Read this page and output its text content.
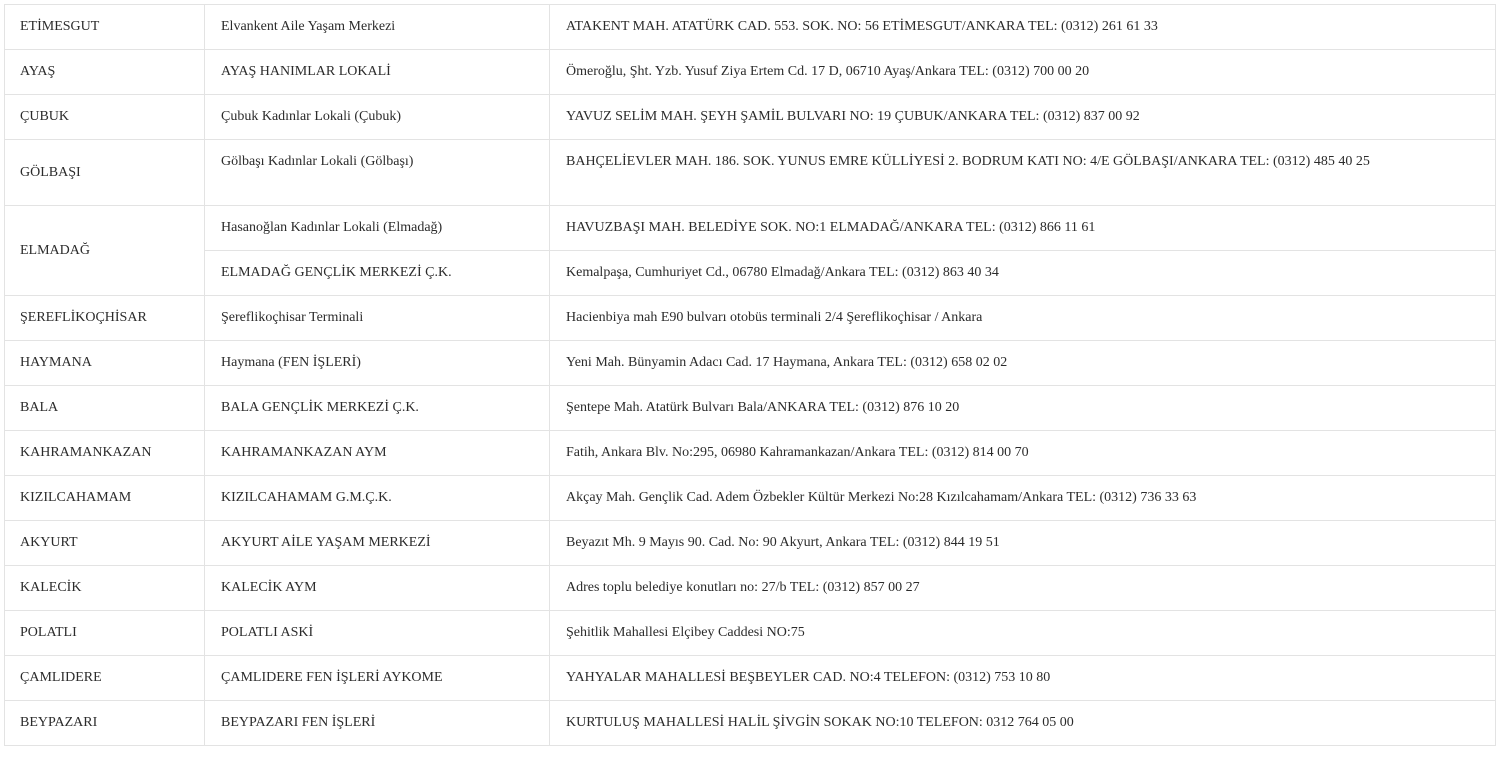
ETİMESGUT	Elvankent Aile Yaşam Merkezi	ATAKENT MAH. ATATÜRK CAD. 553. SOK. NO: 56 ETİMESGUT/ANKARA TEL: (0312) 261 61 33
AYAŞ	AYAŞ HANIMLAR LOKALİ	Ömeroğlu, Şht. Yzb. Yusuf Ziya Ertem Cd. 17 D, 06710 Ayaş/Ankara TEL: (0312) 700 00 20
ÇUBUK	Çubuk Kadınlar Lokali (Çubuk)	YAVUZ SELİM MAH. ŞEYH ŞAMİL BULVARI NO: 19 ÇUBUK/ANKARA TEL: (0312) 837 00 92
GÖLBAŞI	Gölbaşı Kadınlar Lokali (Gölbaşı)	BAHÇELİEVLER MAH. 186. SOK. YUNUS EMRE KÜLLİYESİ 2. BODRUM KATI NO: 4/E GÖLBAŞI/ANKARA TEL: (0312) 485 40 25
ELMADAĞ	Hasanoğlan Kadınlar Lokali (Elmadağ)	HAVUZBAŞI MAH. BELEDİYE SOK. NO:1 ELMADAĞ/ANKARA TEL: (0312) 866 11 61
	ELMADAĞ GENÇLİK MERKEZİ Ç.K.	Kemalpaşa, Cumhuriyet Cd., 06780 Elmadağ/Ankara TEL: (0312) 863 40 34
ŞEREFLİKOÇHİSAR	Şereflikoçhisar Terminali	Hacienbiya mah E90 bulvarı otobüs terminali 2/4 Şereflikoçhisar / Ankara
HAYMANA	Haymana (FEN İŞLERİ)	Yeni Mah. Bünyamin Adacı Cad. 17 Haymana, Ankara TEL: (0312) 658 02 02
BALA	BALA GENÇLİK MERKEZİ Ç.K.	Şentepe Mah. Atatürk Bulvarı Bala/ANKARA TEL: (0312) 876 10 20
KAHRAMANKAZAN	KAHRAMANKAZAN AYM	Fatih, Ankara Blv. No:295, 06980 Kahramankazan/Ankara TEL: (0312) 814 00 70
KIZILCAHAMAM	KIZILCAHAMAM G.M.Ç.K.	Akçay Mah. Gençlik Cad. Adem Özbekler Kültür Merkezi No:28 Kızılcahamam/Ankara TEL: (0312) 736 33 63
AKYURT	AKYURT AİLE YAŞAM MERKEZİ	Beyazıt Mh. 9 Mayıs 90. Cad. No: 90 Akyurt, Ankara TEL: (0312) 844 19 51
KALECİK	KALECİK AYM	Adres toplu belediye konutları no: 27/b TEL: (0312) 857 00 27
POLATLI	POLATLI ASKİ	Şehitlik Mahallesi Elçibey Caddesi NO:75
ÇAMLIDERE	ÇAMLIDERE FEN İŞLERİ AYKOME	YAHYALAR MAHALLESİ BEŞBEYLER CAD. NO:4 TELEFON: (0312) 753 10 80
BEYPAZARI	BEYPAZARI FEN İŞLERİ	KURTULUŞ MAHALLESİ HALİL ŞİVGİN SOKAK NO:10 TELEFON: 0312 764 05 00
